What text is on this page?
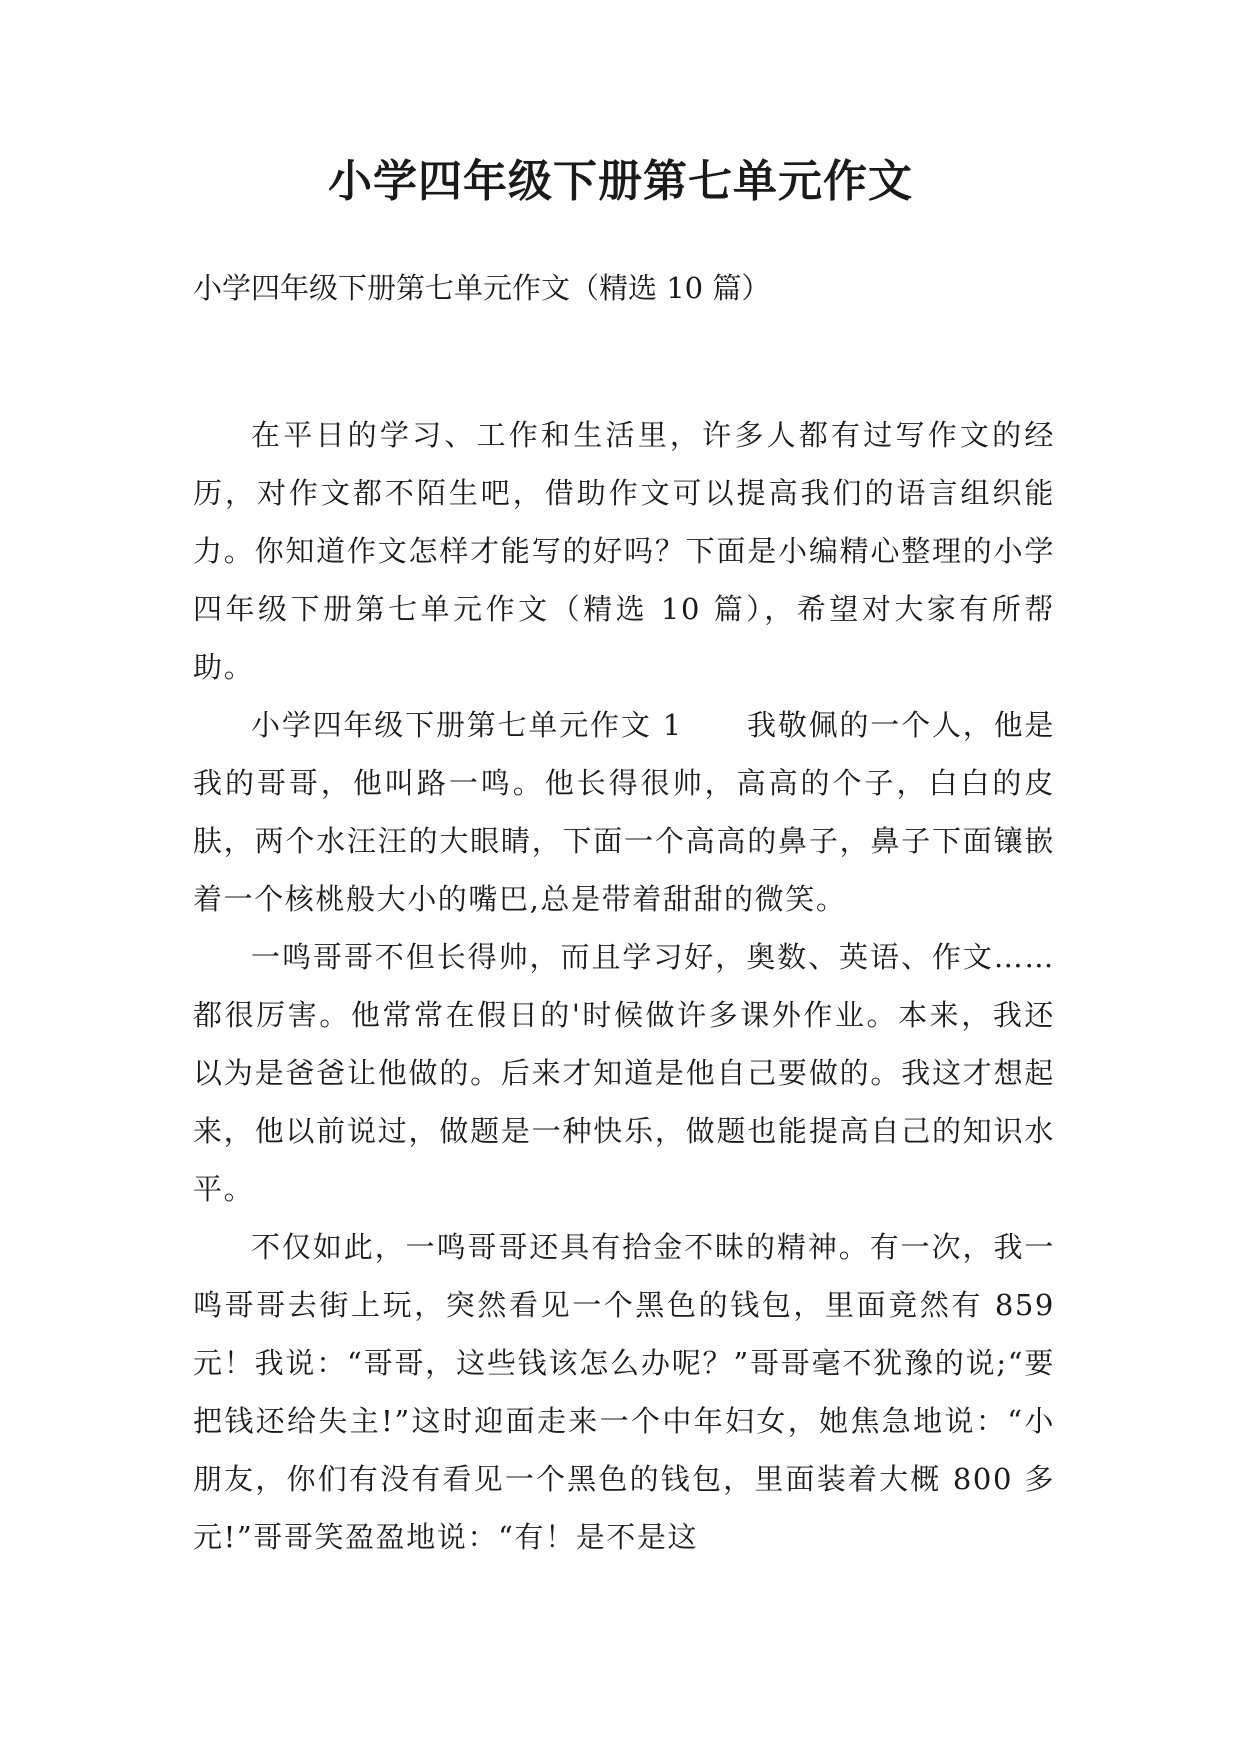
小学四年级下册第七单元作文

小学四年级下册第七单元作文（精选 10 篇）

在平日的学习、工作和生活里，许多人都有过写作文的经历，对作文都不陌生吧，借助作文可以提高我们的语言组织能力。你知道作文怎样才能写的好吗？下面是小编精心整理的小学四年级下册第七单元作文（精选 10 篇），希望对大家有所帮助。

小学四年级下册第七单元作文 1 我敬佩的一个人，他是我的哥哥，他叫路一鸣。他长得很帅，高高的个子，白白的皮肤，两个水汪汪的大眼睛，下面一个高高的鼻子，鼻子下面镶嵌着一个核桃般大小的嘴巴,总是带着甜甜的微笑。

一鸣哥哥不但长得帅，而且学习好，奥数、英语、作文……都很厉害。他常常在假日的'时候做许多课外作业。本来，我还以为是爸爸让他做的。后来才知道是他自己要做的。我这才想起来，他以前说过，做题是一种快乐，做题也能提高自己的知识水平。

不仅如此，一鸣哥哥还具有拾金不昧的精神。有一次，我一鸣哥哥去街上玩，突然看见一个黑色的钱包，里面竟然有 859 元！我说：“哥哥，这些钱该怎么办呢？”哥哥毫不犹豫的说;“要把钱还给失主!”这时迎面走来一个中年妇女，她焦急地说：“小朋友，你们有没有看见一个黑色的钱包，里面装着大概 800 多元!”哥哥笑盈盈地说：“有！是不是这
